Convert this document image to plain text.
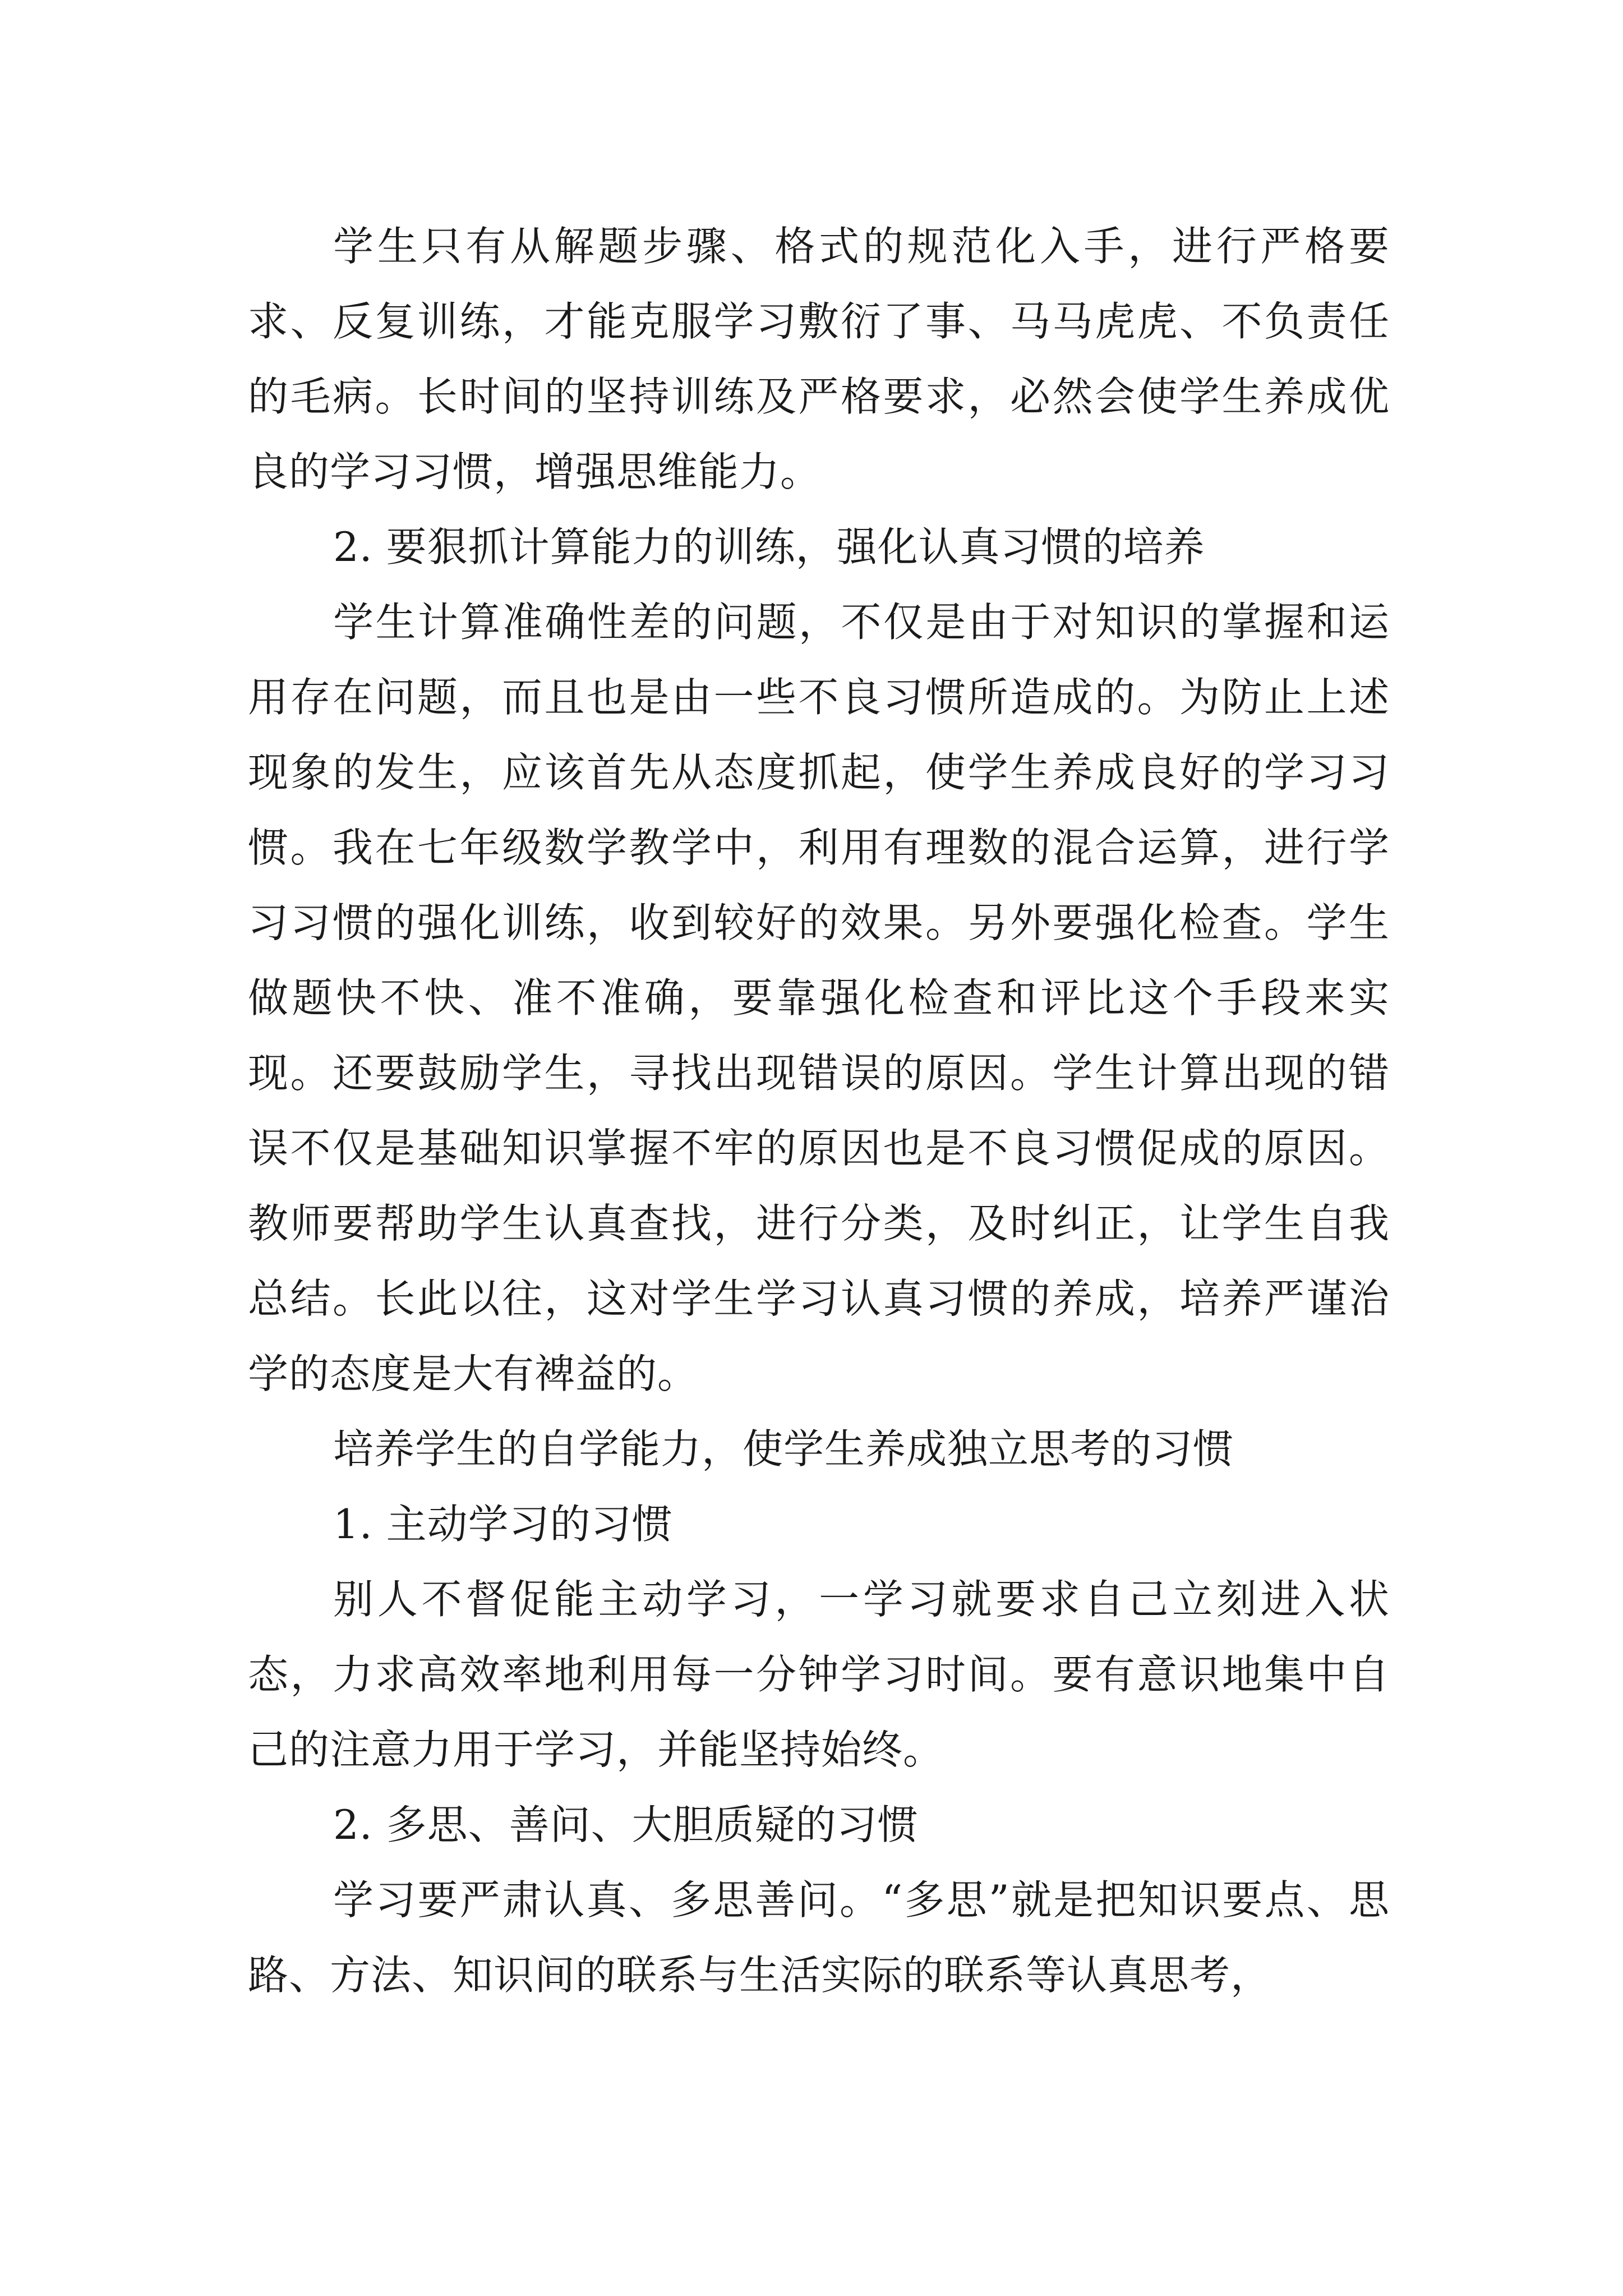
学生只有从解题步骤、格式的规范化入手，进行严格要求、反复训练，才能克服学习敷衍了事、马马虎虎、不负责任的毛病。长时间的坚持训练及严格要求，必然会使学生养成优良的学习习惯，增强思维能力。

2. 要狠抓计算能力的训练，强化认真习惯的培养

学生计算准确性差的问题，不仅是由于对知识的掌握和运用存在问题，而且也是由一些不良习惯所造成的。为防止上述现象的发生，应该首先从态度抓起，使学生养成良好的学习习惯。我在七年级数学教学中，利用有理数的混合运算，进行学习习惯的强化训练，收到较好的效果。另外要强化检查。学生做题快不快、准不准确，要靠强化检查和评比这个手段来实现。还要鼓励学生，寻找出现错误的原因。学生计算出现的错误不仅是基础知识掌握不牢的原因也是不良习惯促成的原因。教师要帮助学生认真查找，进行分类，及时纠正，让学生自我总结。长此以往，这对学生学习认真习惯的养成，培养严谨治学的态度是大有裨益的。

培养学生的自学能力，使学生养成独立思考的习惯

1. 主动学习的习惯

别人不督促能主动学习，一学习就要求自己立刻进入状态，力求高效率地利用每一分钟学习时间。要有意识地集中自己的注意力用于学习，并能坚持始终。

2. 多思、善问、大胆质疑的习惯

学习要严肃认真、多思善问。“多思”就是把知识要点、思路、方法、知识间的联系与生活实际的联系等认真思考，
